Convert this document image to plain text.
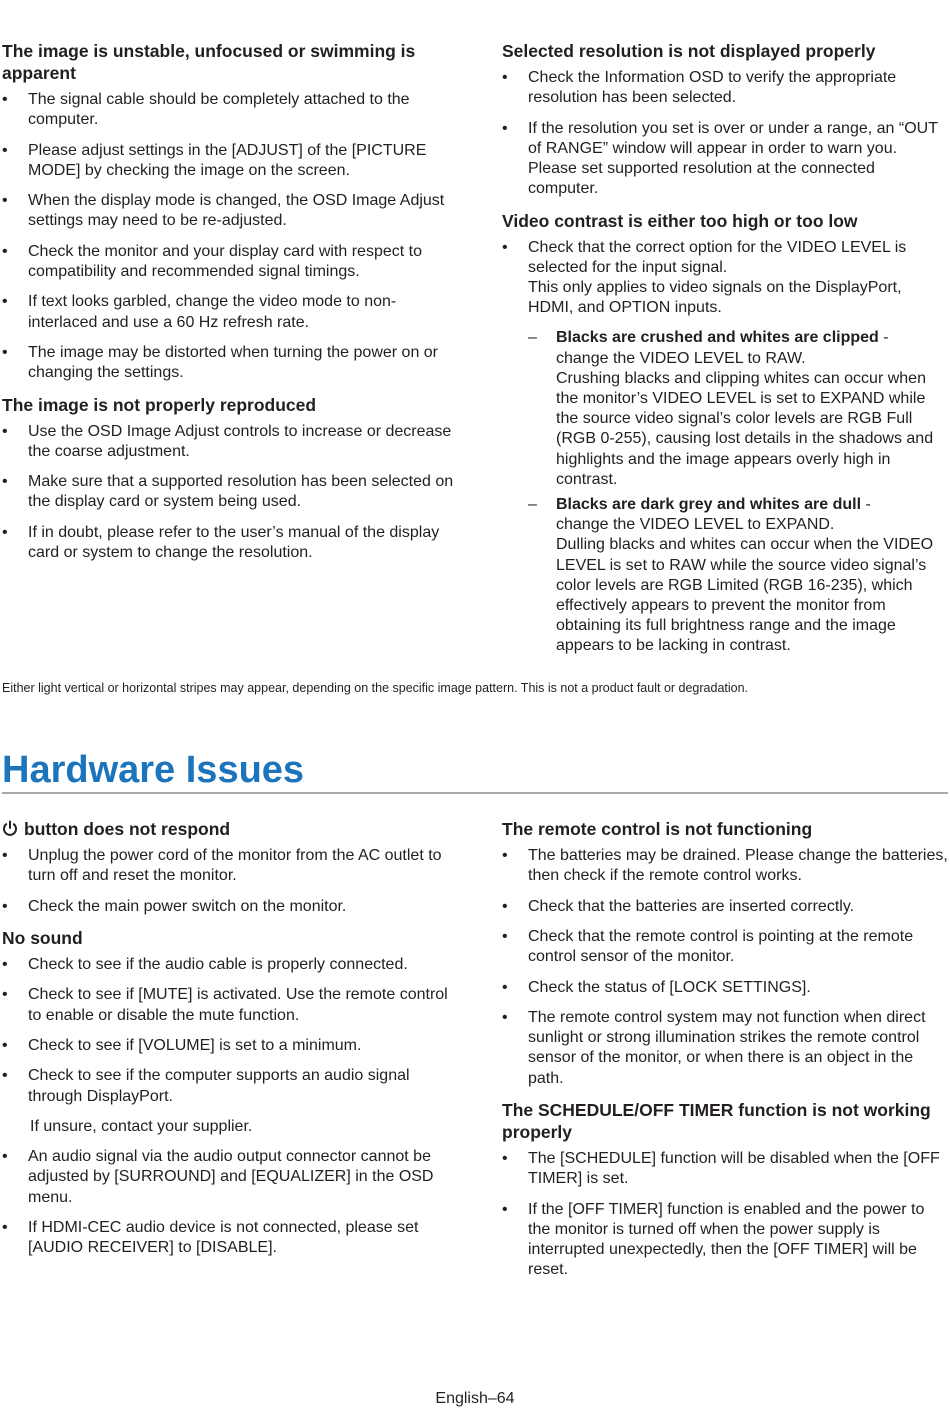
The image is unstable, unfocused or swimming is apparent
•	The signal cable should be completely attached to the computer.
•	Please adjust settings in the [ADJUST] of the [PICTURE MODE] by checking the image on the screen.
•	When the display mode is changed, the OSD Image Adjust settings may need to be re-adjusted.
•	Check the monitor and your display card with respect to compatibility and recommended signal timings.
•	If text looks garbled, change the video mode to non-interlaced and use a 60 Hz refresh rate.
•	The image may be distorted when turning the power on or changing the settings.
The image is not properly reproduced
•	Use the OSD Image Adjust controls to increase or decrease the coarse adjustment.
•	Make sure that a supported resolution has been selected on the display card or system being used.
•	If in doubt, please refer to the user’s manual of the display card or system to change the resolution.
Selected resolution is not displayed properly
•	Check the Information OSD to verify the appropriate resolution has been selected.
•	If the resolution you set is over or under a range, an “OUT of RANGE” window will appear in order to warn you. Please set supported resolution at the connected computer.
Video contrast is either too high or too low
•	Check that the correct option for the VIDEO LEVEL is selected for the input signal.
This only applies to video signals on the DisplayPort, HDMI, and OPTION inputs.
– Blacks are crushed and whites are clipped -
change the VIDEO LEVEL to RAW.
Crushing blacks and clipping whites can occur when the monitor’s VIDEO LEVEL is set to EXPAND while the source video signal’s color levels are RGB Full (RGB 0-255), causing lost details in the shadows and highlights and the image appears overly high in contrast.
– Blacks are dark grey and whites are dull -
change the VIDEO LEVEL to EXPAND.
Dulling blacks and whites can occur when the VIDEO LEVEL is set to RAW while the source video signal’s color levels are RGB Limited (RGB 16-235), which effectively appears to prevent the monitor from obtaining its full brightness range and the image appears to be lacking in contrast.
Either light vertical or horizontal stripes may appear, depending on the specific image pattern. This is not a product fault or degradation.
Hardware Issues
button does not respond
•	Unplug the power cord of the monitor from the AC outlet to turn off and reset the monitor.
•	Check the main power switch on the monitor.
No sound
•	Check to see if the audio cable is properly connected.
•	Check to see if [MUTE] is activated. Use the remote control to enable or disable the mute function.
•	Check to see if [VOLUME] is set to a minimum.
•	Check to see if the computer supports an audio signal through DisplayPort.

If unsure, contact your supplier.

•	An audio signal via the audio output connector cannot be adjusted by [SURROUND] and [EQUALIZER] in the OSD menu.
•	If HDMI-CEC audio device is not connected, please set [AUDIO RECEIVER] to [DISABLE].
The remote control is not functioning
•	The batteries may be drained. Please change the batteries, then check if the remote control works.
•	Check that the batteries are inserted correctly.
•	Check that the remote control is pointing at the remote control sensor of the monitor.
•	Check the status of [LOCK SETTINGS].
•	The remote control system may not function when direct sunlight or strong illumination strikes the remote control sensor of the monitor, or when there is an object in the path.
The SCHEDULE/OFF TIMER function is not working properly
•	The [SCHEDULE] function will be disabled when the [OFF TIMER] is set.
•	If the [OFF TIMER] function is enabled and the power to the monitor is turned off when the power supply is interrupted unexpectedly, then the [OFF TIMER] will be reset.
English–64
